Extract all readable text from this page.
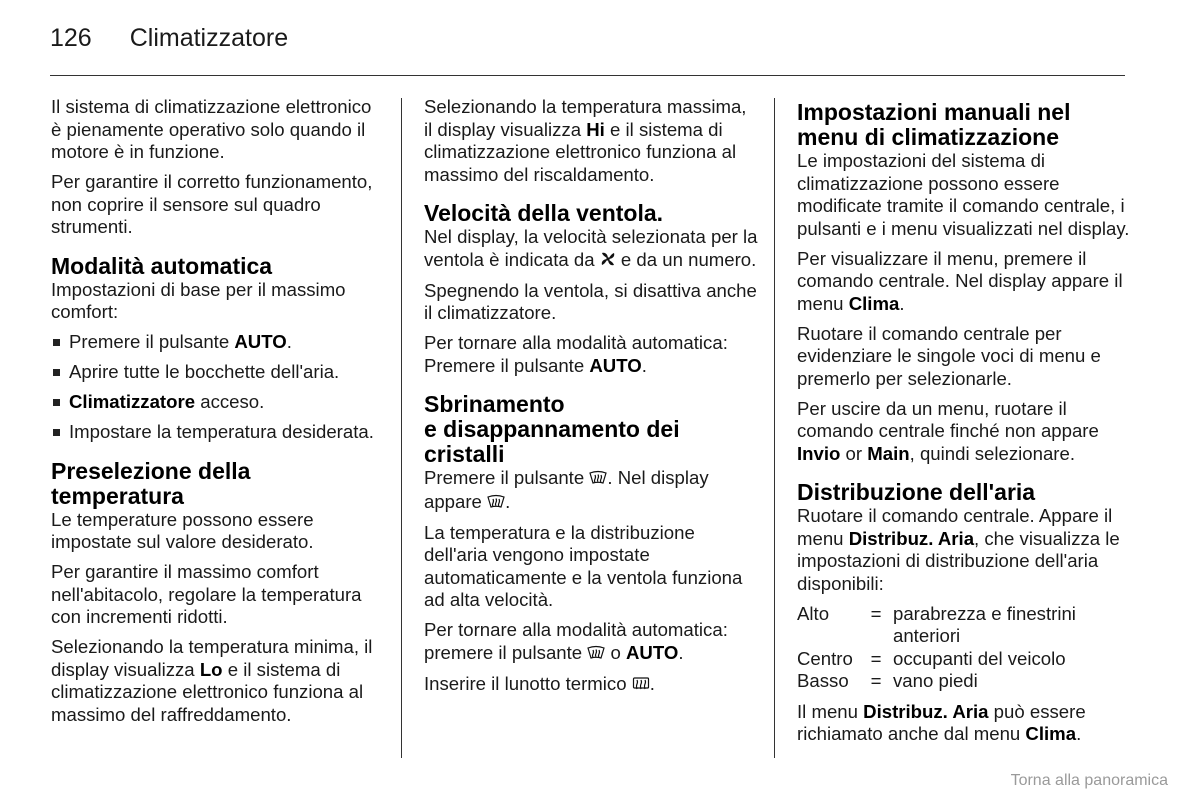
126 Climatizzatore

Il sistema di climatizzazione elettronico è pienamente operativo solo quando il motore è in funzione.

Per garantire il corretto funzionamento, non coprire il sensore sul quadro strumenti.

Modalità automatica

Impostazioni di base per il massimo comfort:

Premere il pulsante AUTO.
Aprire tutte le bocchette dell'aria.
Climatizzatore acceso.
Impostare la temperatura desiderata.
Preselezione della temperatura

Le temperature possono essere impostate sul valore desiderato.

Per garantire il massimo comfort nell'abitacolo, regolare la temperatura con incrementi ridotti.

Selezionando la temperatura minima, il display visualizza Lo e il sistema di climatizzazione elettronico funziona al massimo del raffreddamento.

Selezionando la temperatura massima, il display visualizza Hi e il sistema di climatizzazione elettronico funziona al massimo del riscaldamento.

Velocità della ventola.

Nel display, la velocità selezionata per la ventola è indicata da  e da un numero.

Spegnendo la ventola, si disattiva anche il climatizzatore.

Per tornare alla modalità automatica: Premere il pulsante AUTO.

Sbrinamento
e disappannamento dei cristalli

Premere il pulsante . Nel display appare .

La temperatura e la distribuzione dell'aria vengono impostate automaticamente e la ventola funziona ad alta velocità.

Per tornare alla modalità automatica: premere il pulsante  o AUTO.

Inserire il lunotto termico .

Impostazioni manuali nel menu di climatizzazione

Le impostazioni del sistema di climatizzazione possono essere modificate tramite il comando centrale, i pulsanti e i menu visualizzati nel display.

Per visualizzare il menu, premere il comando centrale. Nel display appare il menu Clima.

Ruotare il comando centrale per evidenziare le singole voci di menu e premerlo per selezionarle.

Per uscire da un menu, ruotare il comando centrale finché non appare Invio or Main, quindi selezionare.

Distribuzione dell'aria

Ruotare il comando centrale. Appare il menu Distribuz. Aria, che visualizza le impostazioni di distribuzione dell'aria disponibili:

Alto	=	parabrezza e finestrini anteriori
Centro	=	occupanti del veicolo
Basso	=	vano piedi

Il menu Distribuz. Aria può essere richiamato anche dal menu Clima.

Torna alla panoramica
